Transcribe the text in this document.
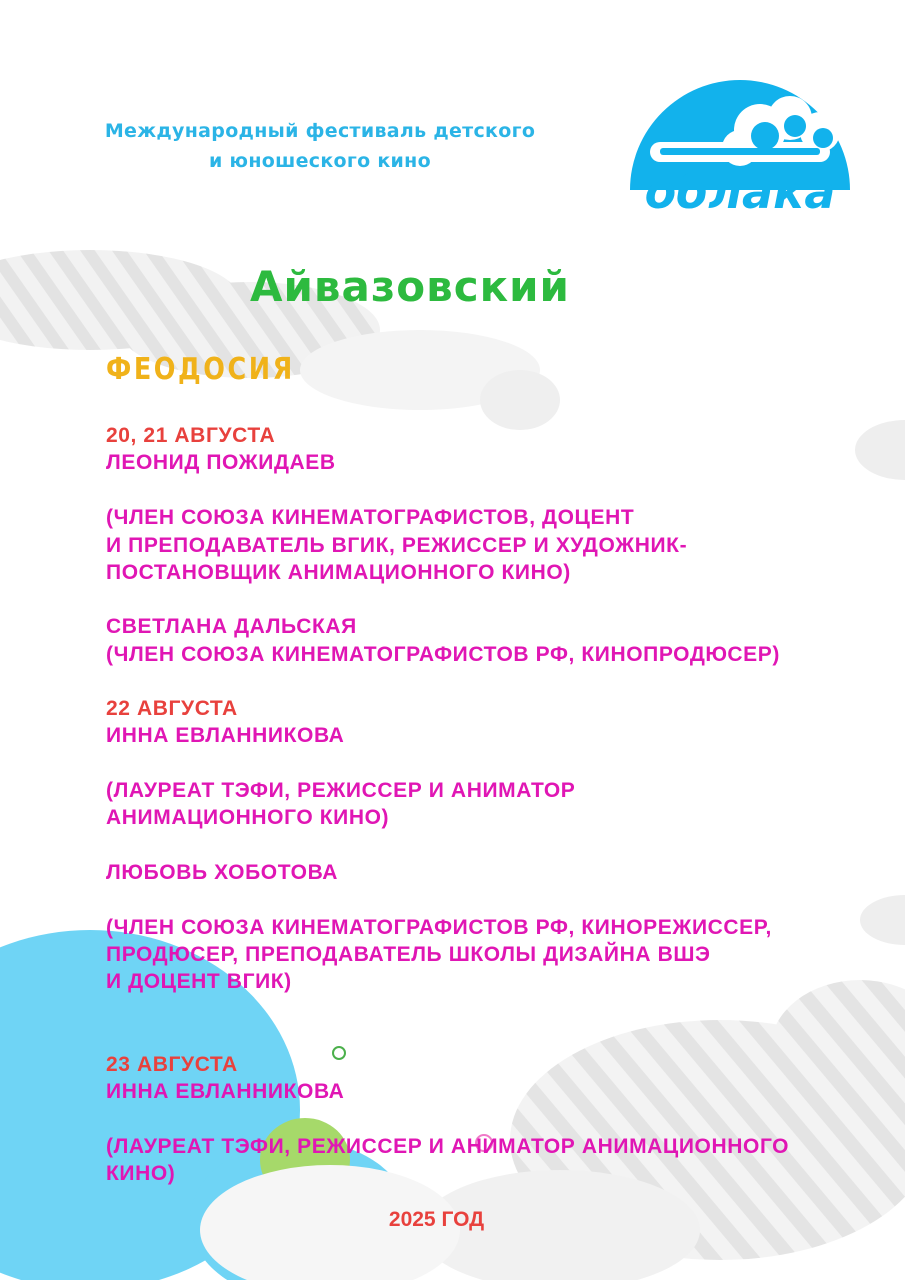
Международный фестиваль детского
и юношеского кино
облака
Айвазовский
ФЕОДОСИЯ
20, 21 АВГУСТА
ЛЕОНИД ПОЖИДАЕВ
(ЧЛЕН СОЮЗА КИНЕМАТОГРАФИСТОВ, ДОЦЕНТ
И ПРЕПОДАВАТЕЛЬ ВГИК, РЕЖИССЕР И ХУДОЖНИК-
ПОСТАНОВЩИК АНИМАЦИОННОГО КИНО)
СВЕТЛАНА ДАЛЬСКАЯ
(ЧЛЕН СОЮЗА КИНЕМАТОГРАФИСТОВ РФ, КИНОПРОДЮСЕР)
22 АВГУСТА
ИННА ЕВЛАННИКОВА
(ЛАУРЕАТ ТЭФИ, РЕЖИССЕР И АНИМАТОР
АНИМАЦИОННОГО КИНО)
ЛЮБОВЬ ХОБОТОВА
(ЧЛЕН СОЮЗА КИНЕМАТОГРАФИСТОВ РФ, КИНОРЕЖИССЕР,
ПРОДЮСЕР, ПРЕПОДАВАТЕЛЬ ШКОЛЫ ДИЗАЙНА ВШЭ
И ДОЦЕНТ ВГИК)
23 АВГУСТА
ИННА ЕВЛАННИКОВА
(ЛАУРЕАТ ТЭФИ, РЕЖИССЕР И АНИМАТОР АНИМАЦИОННОГО
КИНО)
2025 ГОД
